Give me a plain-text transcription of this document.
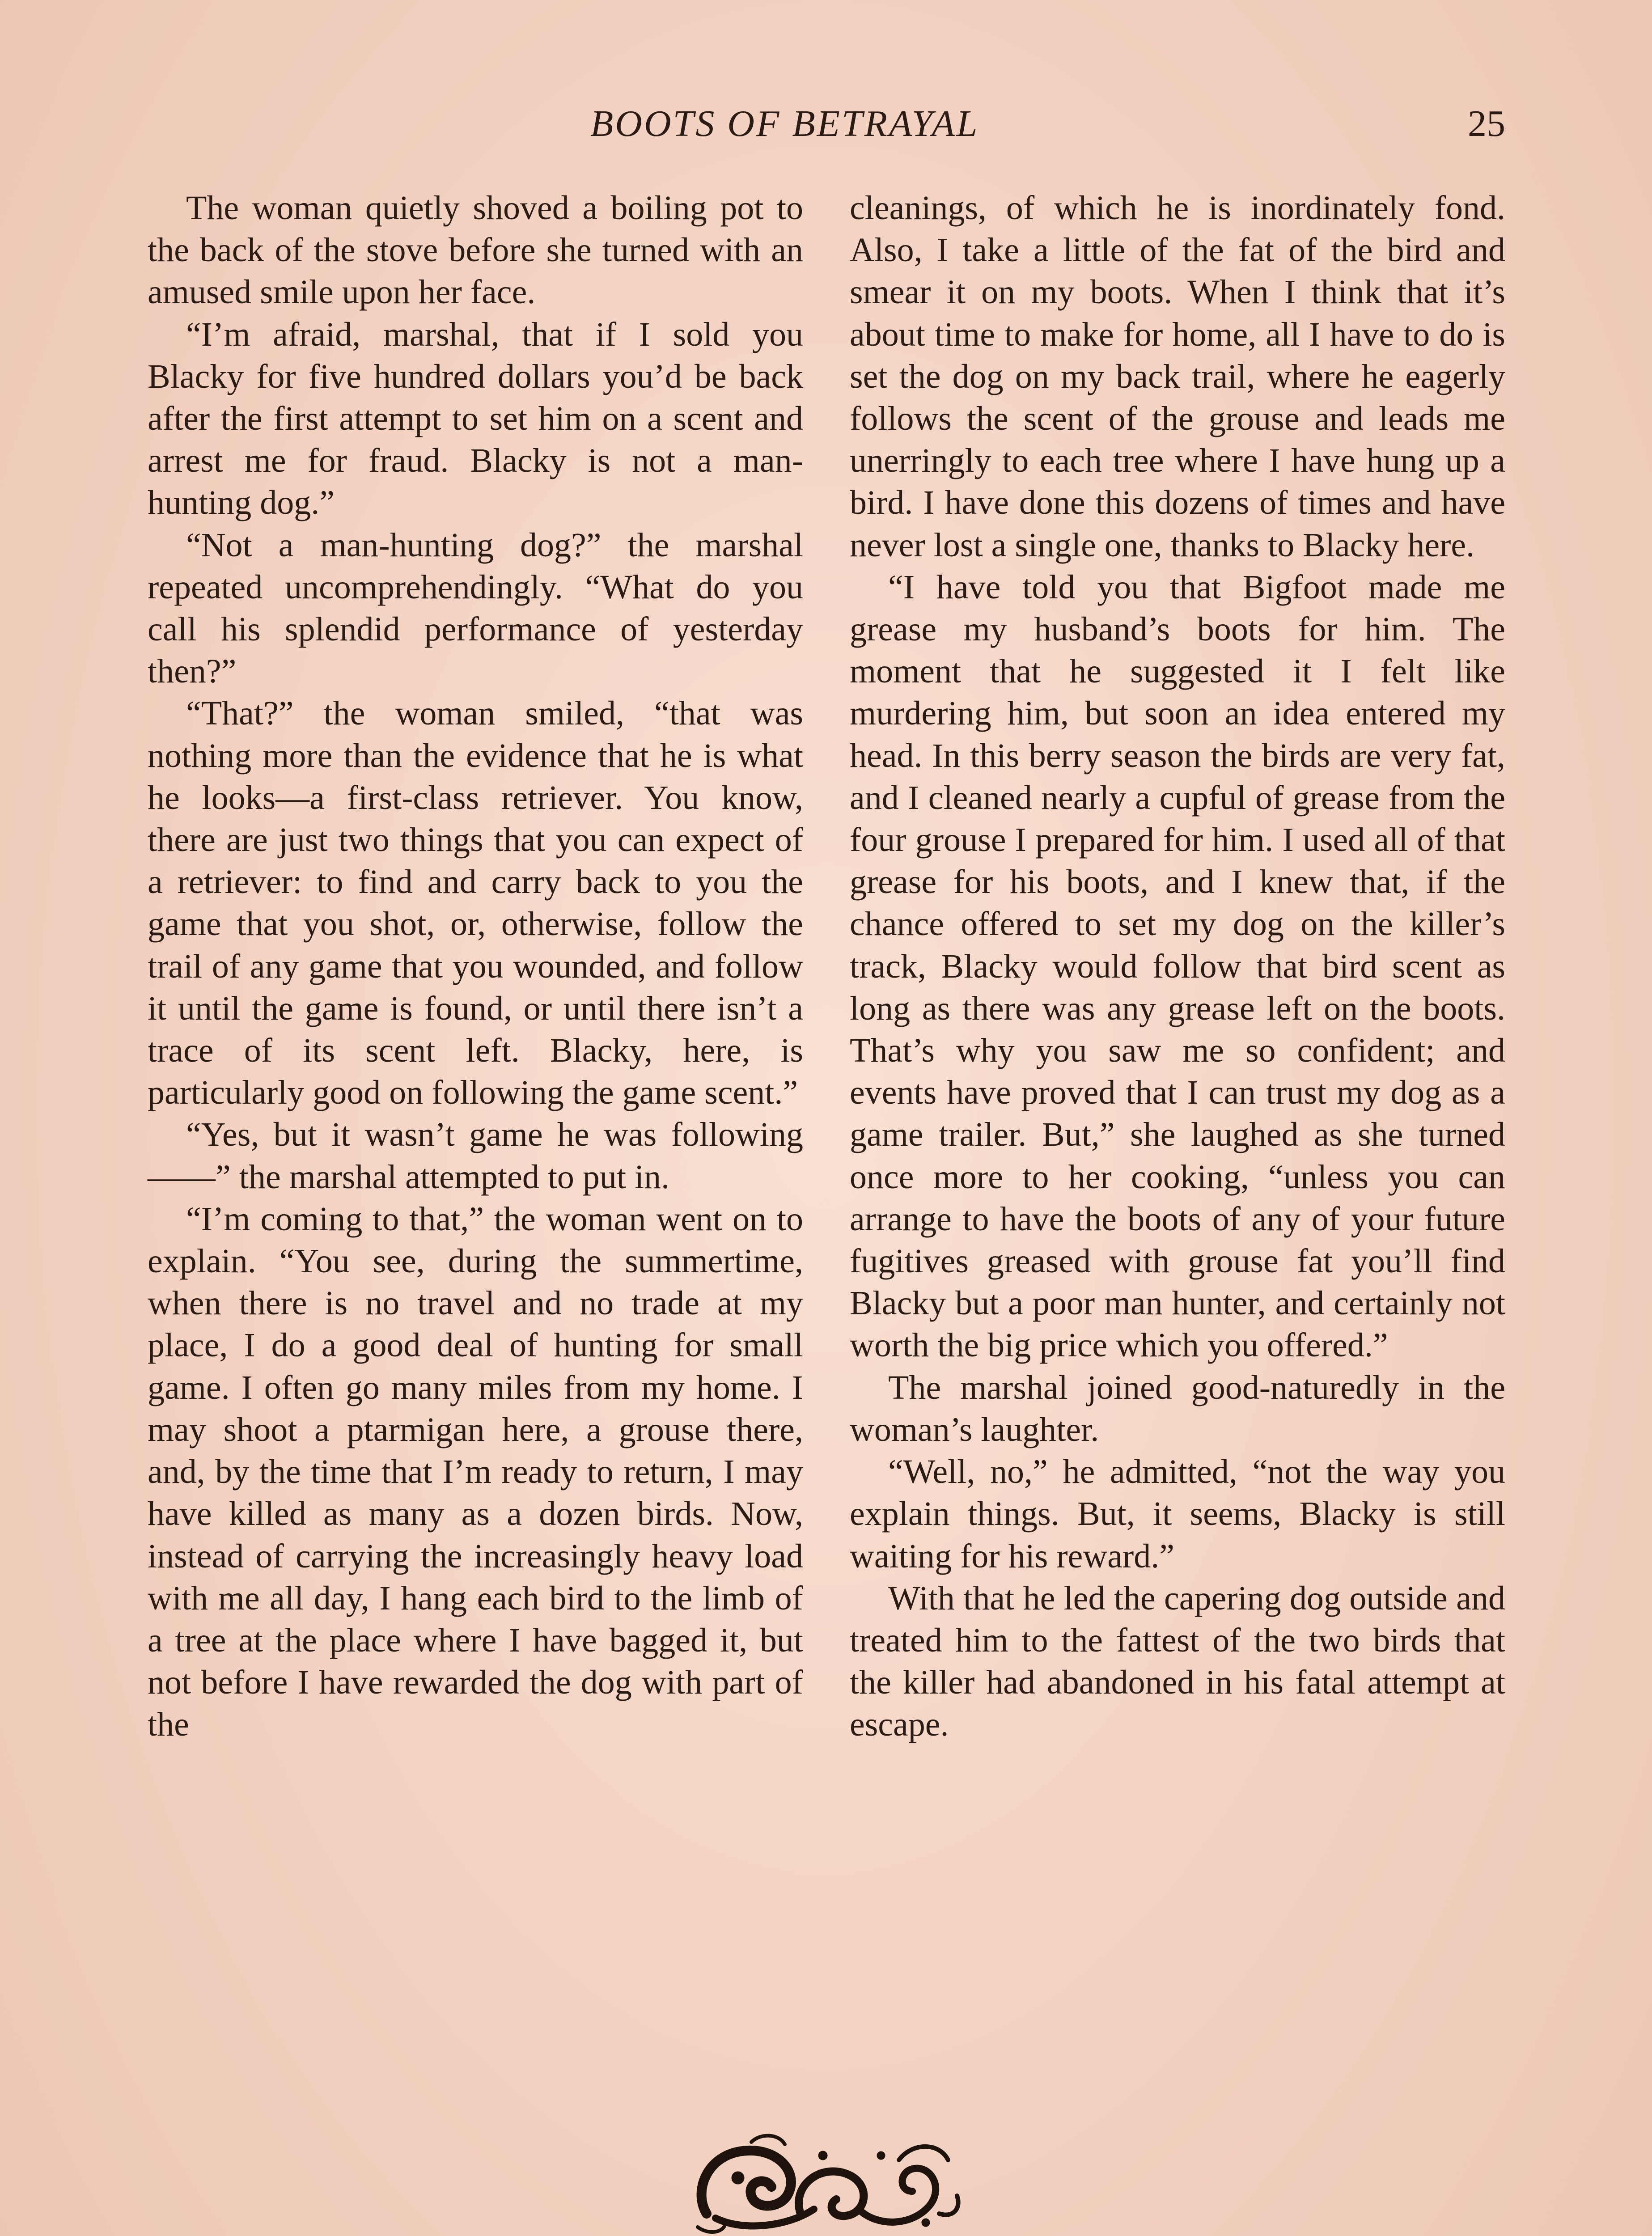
BOOTS OF BETRAYAL	25

The woman quietly shoved a boiling pot to the back of the stove before she turned with an amused smile upon her face.

“I’m afraid, marshal, that if I sold you Blacky for five hundred dollars you’d be back after the first attempt to set him on a scent and arrest me for fraud. Blacky is not a man-hunting dog.”

“Not a man-hunting dog?” the marshal repeated uncomprehendingly. “What do you call his splendid performance of yesterday then?”

“That?” the woman smiled, “that was nothing more than the evidence that he is what he looks—a first-class retriever. You know, there are just two things that you can expect of a retriever: to find and carry back to you the game that you shot, or, otherwise, follow the trail of any game that you wounded, and follow it until the game is found, or until there isn’t a trace of its scent left. Blacky, here, is particularly good on following the game scent.”

“Yes, but it wasn’t game he was following——” the marshal attempted to put in.

“I’m coming to that,” the woman went on to explain. “You see, during the summertime, when there is no travel and no trade at my place, I do a good deal of hunting for small game. I often go many miles from my home. I may shoot a ptarmigan here, a grouse there, and, by the time that I’m ready to return, I may have killed as many as a dozen birds. Now, instead of carrying the increasingly heavy load with me all day, I hang each bird to the limb of a tree at the place where I have bagged it, but not before I have rewarded the dog with part of the

cleanings, of which he is inordinately fond. Also, I take a little of the fat of the bird and smear it on my boots. When I think that it’s about time to make for home, all I have to do is set the dog on my back trail, where he eagerly follows the scent of the grouse and leads me unerringly to each tree where I have hung up a bird. I have done this dozens of times and have never lost a single one, thanks to Blacky here.

“I have told you that Bigfoot made me grease my husband’s boots for him. The moment that he suggested it I felt like murdering him, but soon an idea entered my head. In this berry season the birds are very fat, and I cleaned nearly a cupful of grease from the four grouse I prepared for him. I used all of that grease for his boots, and I knew that, if the chance offered to set my dog on the killer’s track, Blacky would follow that bird scent as long as there was any grease left on the boots. That’s why you saw me so confident; and events have proved that I can trust my dog as a game trailer. But,” she laughed as she turned once more to her cooking, “unless you can arrange to have the boots of any of your future fugitives greased with grouse fat you’ll find Blacky but a poor man hunter, and certainly not worth the big price which you offered.”

The marshal joined good-naturedly in the woman’s laughter.

“Well, no,” he admitted, “not the way you explain things. But, it seems, Blacky is still waiting for his reward.”

With that he led the capering dog outside and treated him to the fattest of the two birds that the killer had abandoned in his fatal attempt at escape.
